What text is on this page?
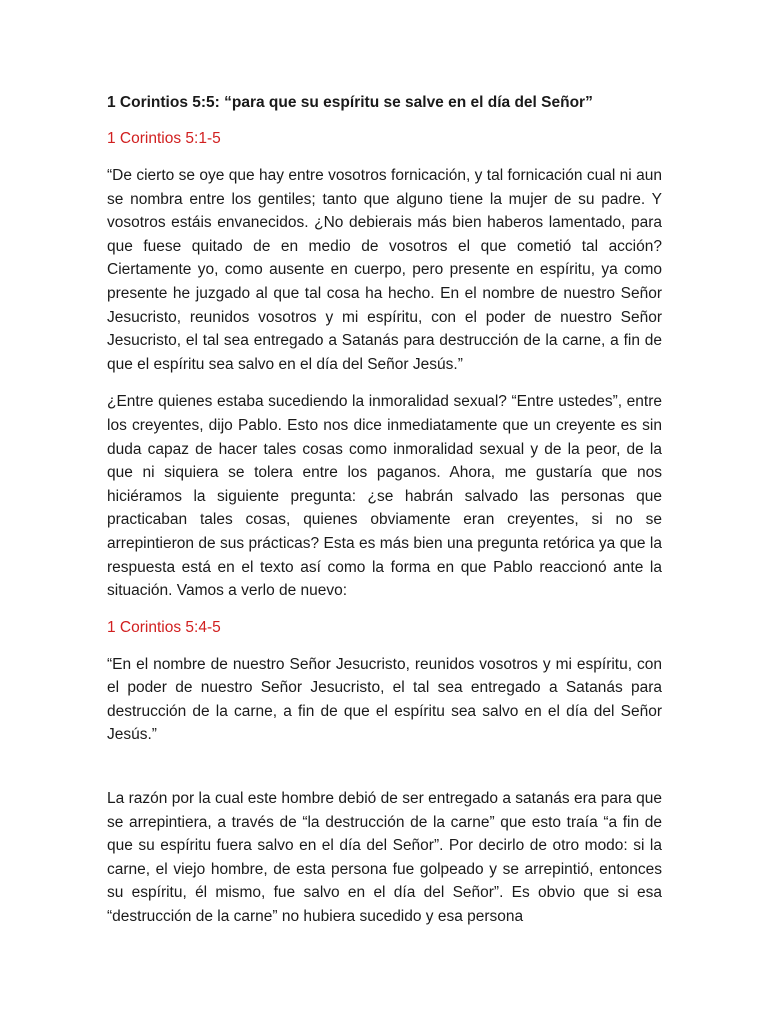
1 Corintios 5:5: “para que su espíritu se salve en el día del Señor”
1 Corintios 5:1-5
“De cierto se oye que hay entre vosotros fornicación, y tal fornicación cual ni aun se nombra entre los gentiles; tanto que alguno tiene la mujer de su padre. Y vosotros estáis envanecidos. ¿No debierais más bien haberos lamentado, para que fuese quitado de en medio de vosotros el que cometió tal acción? Ciertamente yo, como ausente en cuerpo, pero presente en espíritu, ya como presente he juzgado al que tal cosa ha hecho. En el nombre de nuestro Señor Jesucristo, reunidos vosotros y mi espíritu, con el poder de nuestro Señor Jesucristo, el tal sea entregado a Satanás para destrucción de la carne, a fin de que el espíritu sea salvo en el día del Señor Jesús.”
¿Entre quienes estaba sucediendo la inmoralidad sexual? “Entre ustedes”, entre los creyentes, dijo Pablo. Esto nos dice inmediatamente que un creyente es sin duda capaz de hacer tales cosas como inmoralidad sexual y de la peor, de la que ni siquiera se tolera entre los paganos. Ahora, me gustaría que nos hiciéramos la siguiente pregunta: ¿se habrán salvado las personas que practicaban tales cosas, quienes obviamente eran creyentes, si no se arrepintieron de sus prácticas? Esta es más bien una pregunta retórica ya que la respuesta está en el texto así como la forma en que Pablo reaccionó ante la situación. Vamos a verlo de nuevo:
1 Corintios 5:4-5
“En el nombre de nuestro Señor Jesucristo, reunidos vosotros y mi espíritu, con el poder de nuestro Señor Jesucristo, el tal sea entregado a Satanás para destrucción de la carne, a fin de que el espíritu sea salvo en el día del Señor Jesús.”
La razón por la cual este hombre debió de ser entregado a satanás era para que se arrepintiera, a través de “la destrucción de la carne” que esto traía “a fin de que su espíritu fuera salvo en el día del Señor”. Por decirlo de otro modo: si la carne, el viejo hombre, de esta persona fue golpeado y se arrepintió, entonces su espíritu, él mismo, fue salvo en el día del Señor”. Es obvio que si esa “destrucción de la carne” no hubiera sucedido y esa persona
